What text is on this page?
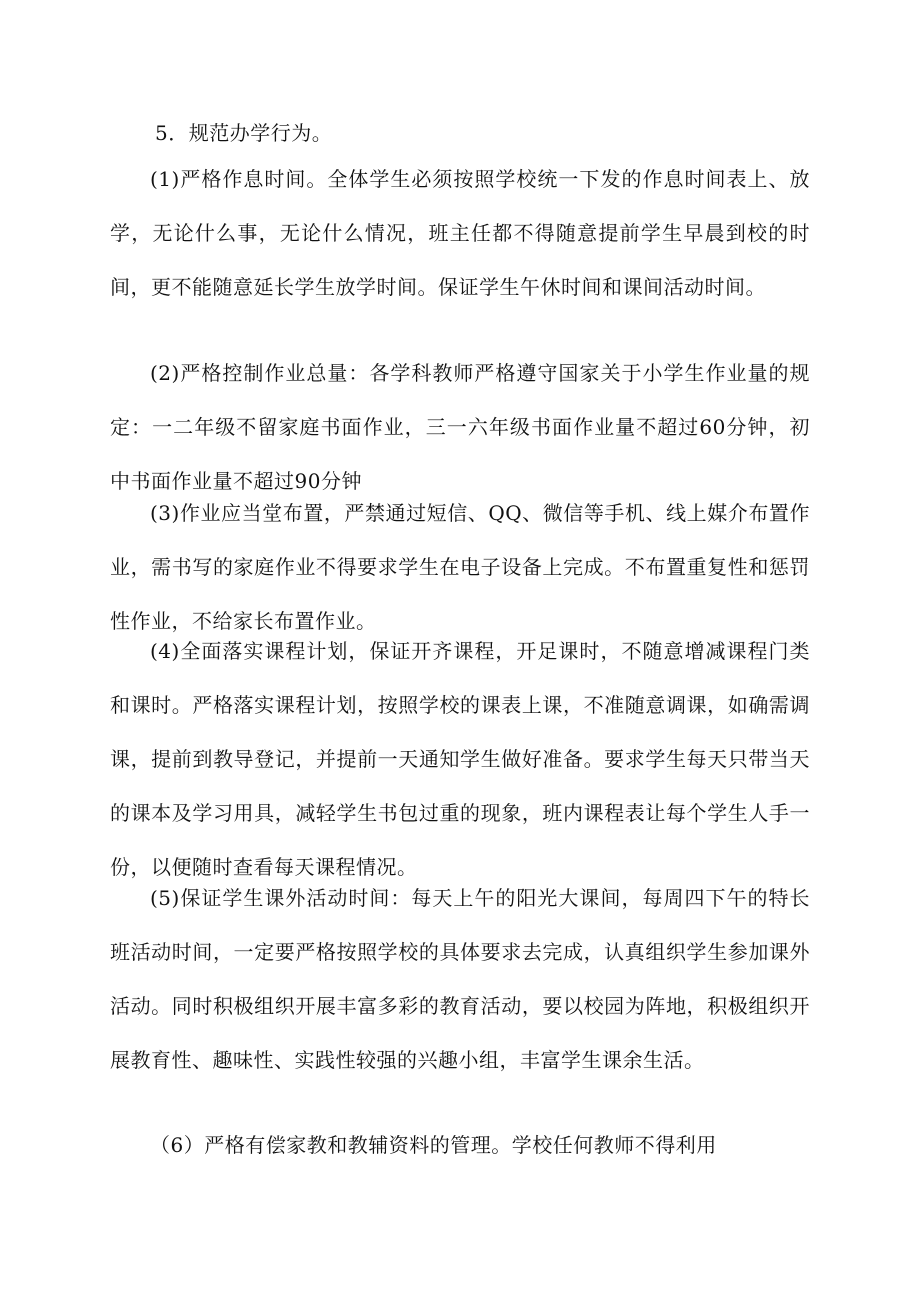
5．规范办学行为。

(1)严格作息时间。全体学生必须按照学校统一下发的作息时间表上、放学，无论什么事，无论什么情况，班主任都不得随意提前学生早晨到校的时间，更不能随意延长学生放学时间。保证学生午休时间和课间活动时间。

(2)严格控制作业总量：各学科教师严格遵守国家关于小学生作业量的规定：一二年级不留家庭书面作业，三一六年级书面作业量不超过60分钟，初中书面作业量不超过90分钟

(3)作业应当堂布置，严禁通过短信、QQ、微信等手机、线上媒介布置作业，需书写的家庭作业不得要求学生在电子设备上完成。不布置重复性和惩罚性作业，不给家长布置作业。

(4)全面落实课程计划，保证开齐课程，开足课时，不随意增减课程门类和课时。严格落实课程计划，按照学校的课表上课，不准随意调课，如确需调课，提前到教导登记，并提前一天通知学生做好准备。要求学生每天只带当天的课本及学习用具，减轻学生书包过重的现象，班内课程表让每个学生人手一份，以便随时查看每天课程情况。

(5)保证学生课外活动时间：每天上午的阳光大课间，每周四下午的特长班活动时间，一定要严格按照学校的具体要求去完成，认真组织学生参加课外活动。同时积极组织开展丰富多彩的教育活动，要以校园为阵地，积极组织开展教育性、趣味性、实践性较强的兴趣小组，丰富学生课余生活。

（6）严格有偿家教和教辅资料的管理。学校任何教师不得利用
